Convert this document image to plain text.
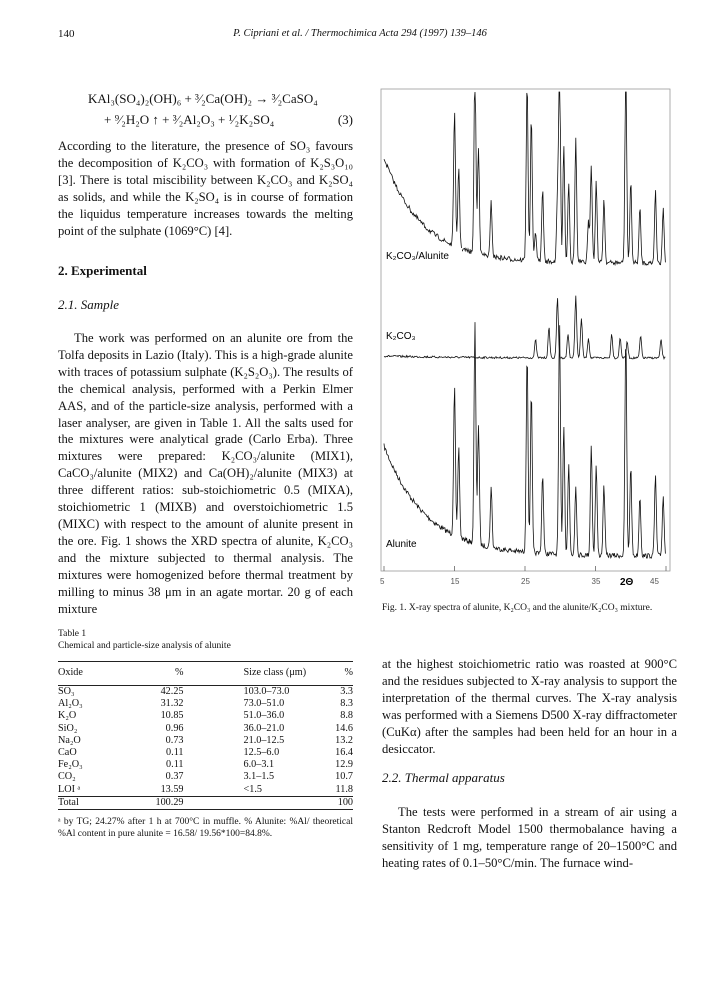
140	P. Cipriani et al. / Thermochimica Acta 294 (1997) 139–146
KAl₃(SO₄)₂(OH)₆ + ³⁄₂Ca(OH)₂ → ³⁄₂CaSO₄
+ ⁹⁄₂H₂O ↑ + ³⁄₂Al₂O₃ + ¹⁄₂K₂SO₄	(3)

According to the literature, the presence of SO₃ favours the decomposition of K₂CO₃ with formation of K₂S₃O₁₀ [3]. There is total miscibility between K₂CO₃ and K₂SO₄ as solids, and while the K₂SO₄ is in course of formation the liquidus temperature increases towards the melting point of the sulphate (1069°C) [4].

2. Experimental
2.1. Sample

The work was performed on an alunite ore from the Tolfa deposits in Lazio (Italy). This is a high-grade alunite with traces of potassium sulphate (K₂S₂O₃). The results of the chemical analysis, performed with a Perkin Elmer AAS, and of the particle-size analysis, performed with a laser analyser, are given in Table 1. All the salts used for the mixtures were analytical grade (Carlo Erba). Three mixtures were prepared: K₂CO₃/alunite (MIX1), CaCO₃/alunite (MIX2) and Ca(OH)₂/alunite (MIX3) at three different ratios: sub-stoichiometric 0.5 (MIXA), stoichiometric 1 (MIXB) and overstoichiometric 1.5 (MIXC) with respect to the amount of alunite present in the ore. Fig. 1 shows the XRD spectra of alunite, K₂CO₃ and the mixture subjected to thermal analysis. The mixtures were homogenized before thermal treatment by milling to minus 38 μm in an agate mortar. 20 g of each mixture

Table 1
Chemical and particle-size analysis of alunite
Oxide	%	Size class (μm)	%
SO₃	42.25	103.0–73.0	3.3
Al₂O₃	31.32	73.0–51.0	8.3
K₂O	10.85	51.0–36.0	8.8
SiO₂	0.96	36.0–21.0	14.6
Na₂O	0.73	21.0–12.5	13.2
CaO	0.11	12.5–6.0	16.4
Fe₂O₃	0.11	6.0–3.1	12.9
CO₂	0.37	3.1–1.5	10.7
LOI ᵃ	13.59	<1.5	11.8
Total	100.29		100
ᵃ by TG; 24.27% after 1 h at 700°C in muffle. % Alunite: %Al/ theoretical %Al content in pure alunite = 16.58/ 19.56*100=84.8%.
5	15	25	35	45
K₂CO₃/Alunite
K₂CO₃
Alunite
2Θ
Fig. 1. X-ray spectra of alunite, K₂CO₃ and the alunite/K₂CO₃ mixture.

at the highest stoichiometric ratio was roasted at 900°C and the residues subjected to X-ray analysis to support the interpretation of the thermal curves. The X-ray analysis was performed with a Siemens D500 X-ray diffractometer (CuKα) after the samples had been held for an hour in a desiccator.

2.2. Thermal apparatus

The tests were performed in a stream of air using a Stanton Redcroft Model 1500 thermobalance having a sensitivity of 1 mg, temperature range of 20–1500°C and heating rates of 0.1–50°C/min. The furnace wind-
